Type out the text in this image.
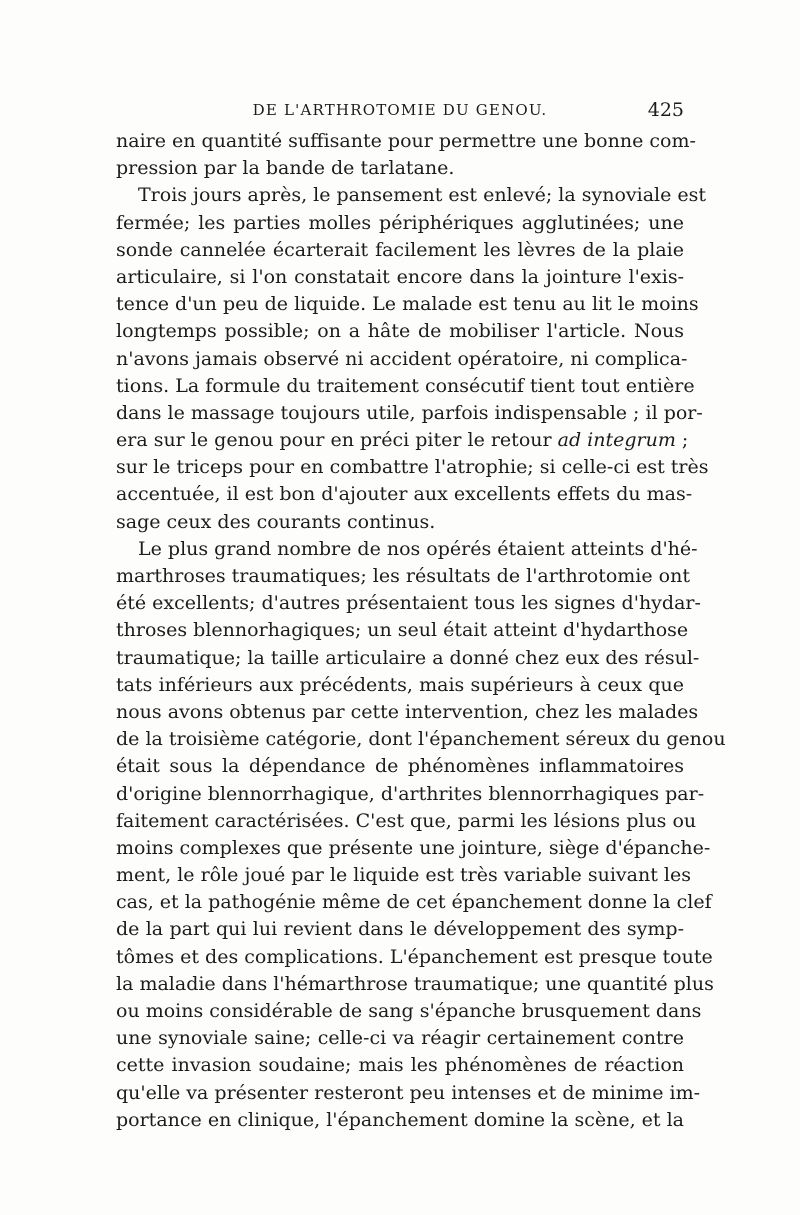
DE L'ARTHROTOMIE DU GENOU.	425
naire en quantité suffisante pour permettre une bonne com-
pression par la bande de tarlatane.
Trois jours après, le pansement est enlevé; la synoviale est
fermée; les parties molles périphériques agglutinées; une
sonde cannelée écarterait facilement les lèvres de la plaie
articulaire, si l'on constatait encore dans la jointure l'exis-
tence d'un peu de liquide. Le malade est tenu au lit le moins
longtemps possible; on a hâte de mobiliser l'article. Nous
n'avons jamais observé ni accident opératoire, ni complica-
tions. La formule du traitement consécutif tient tout entière
dans le massage toujours utile, parfois indispensable ; il por-
era sur le genou pour en préci piter le retour ad integrum ;
sur le triceps pour en combattre l'atrophie; si celle-ci est très
accentuée, il est bon d'ajouter aux excellents effets du mas-
sage ceux des courants continus.
Le plus grand nombre de nos opérés étaient atteints d'hé-
marthroses traumatiques; les résultats de l'arthrotomie ont
été excellents; d'autres présentaient tous les signes d'hydar-
throses blennorhagiques; un seul était atteint d'hydarthose
traumatique; la taille articulaire a donné chez eux des résul-
tats inférieurs aux précédents, mais supérieurs à ceux que
nous avons obtenus par cette intervention, chez les malades
de la troisième catégorie, dont l'épanchement séreux du genou
était sous la dépendance de phénomènes inflammatoires
d'origine blennorrhagique, d'arthrites blennorrhagiques par-
faitement caractérisées. C'est que, parmi les lésions plus ou
moins complexes que présente une jointure, siège d'épanche-
ment, le rôle joué par le liquide est très variable suivant les
cas, et la pathogénie même de cet épanchement donne la clef
de la part qui lui revient dans le développement des symp-
tômes et des complications. L'épanchement est presque toute
la maladie dans l'hémarthrose traumatique; une quantité plus
ou moins considérable de sang s'épanche brusquement dans
une synoviale saine; celle-ci va réagir certainement contre
cette invasion soudaine; mais les phénomènes de réaction
qu'elle va présenter resteront peu intenses et de minime im-
portance en clinique, l'épanchement domine la scène, et la
